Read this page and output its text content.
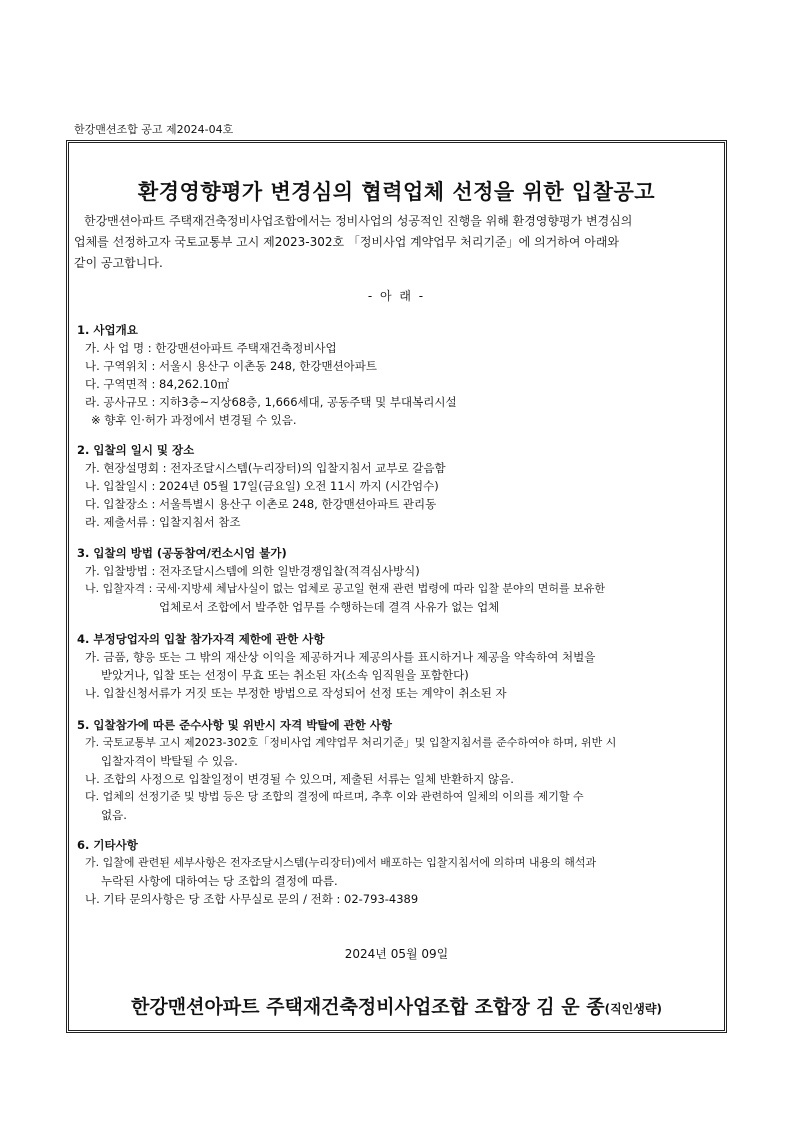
한강맨션조합 공고 제2024-04호
환경영향평가 변경심의 협력업체 선정을 위한 입찰공고
한강맨션아파트 주택재건축정비사업조합에서는 정비사업의 성공적인 진행을 위해 환경영향평가 변경심의
업체를 선정하고자 국토교통부 고시 제2023-302호 「정비사업 계약업무 처리기준」에 의거하여 아래와
같이 공고합니다.
- 아 래 -
1. 사업개요
가. 사 업 명 : 한강맨션아파트 주택재건축정비사업
나. 구역위치 : 서울시 용산구 이촌동 248, 한강맨션아파트
다. 구역면적 : 84,262.10㎡
라. 공사규모 : 지하3층~지상68층, 1,666세대, 공동주택 및 부대복리시설
※ 향후 인·허가 과정에서 변경될 수 있음.
2. 입찰의 일시 및 장소
가. 현장설명회 : 전자조달시스템(누리장터)의 입찰지침서 교부로 갈음함
나. 입찰일시 : 2024년 05월 17일(금요일) 오전 11시 까지 (시간엄수)
다. 입찰장소 : 서울특별시 용산구 이촌로 248, 한강맨션아파트 관리동
라. 제출서류 : 입찰지침서 참조
3. 입찰의 방법 (공동참여/컨소시엄 불가)
가. 입찰방법 : 전자조달시스템에 의한 일반경쟁입찰(적격심사방식)
나. 입찰자격 : 국세·지방세 체납사실이 없는 업체로 공고일 현재 관련 법령에 따라 입찰 분야의 면허를 보유한
업체로서 조합에서 발주한 업무를 수행하는데 결격 사유가 없는 업체
4. 부정당업자의 입찰 참가자격 제한에 관한 사항
가. 금품, 향응 또는 그 밖의 재산상 이익을 제공하거나 제공의사를 표시하거나 제공을 약속하여 처벌을
받았거나, 입찰 또는 선정이 무효 또는 취소된 자(소속 임직원을 포함한다)
나. 입찰신청서류가 거짓 또는 부정한 방법으로 작성되어 선정 또는 계약이 취소된 자
5. 입찰참가에 따른 준수사항 및 위반시 자격 박탈에 관한 사항
가. 국토교통부 고시 제2023-302호「정비사업 계약업무 처리기준」및 입찰지침서를 준수하여야 하며, 위반 시
입찰자격이 박탈될 수 있음.
나. 조합의 사정으로 입찰일정이 변경될 수 있으며, 제출된 서류는 일체 반환하지 않음.
다. 업체의 선정기준 및 방법 등은 당 조합의 결정에 따르며, 추후 이와 관련하여 일체의 이의를 제기할 수
없음.
6. 기타사항
가. 입찰에 관련된 세부사항은 전자조달시스템(누리장터)에서 배포하는 입찰지침서에 의하며 내용의 해석과
누락된 사항에 대하여는 당 조합의 결정에 따름.
나. 기타 문의사항은 당 조합 사무실로 문의 / 전화 : 02-793-4389
2024년 05월 09일
한강맨션아파트 주택재건축정비사업조합 조합장 김 운 종(직인생략)
